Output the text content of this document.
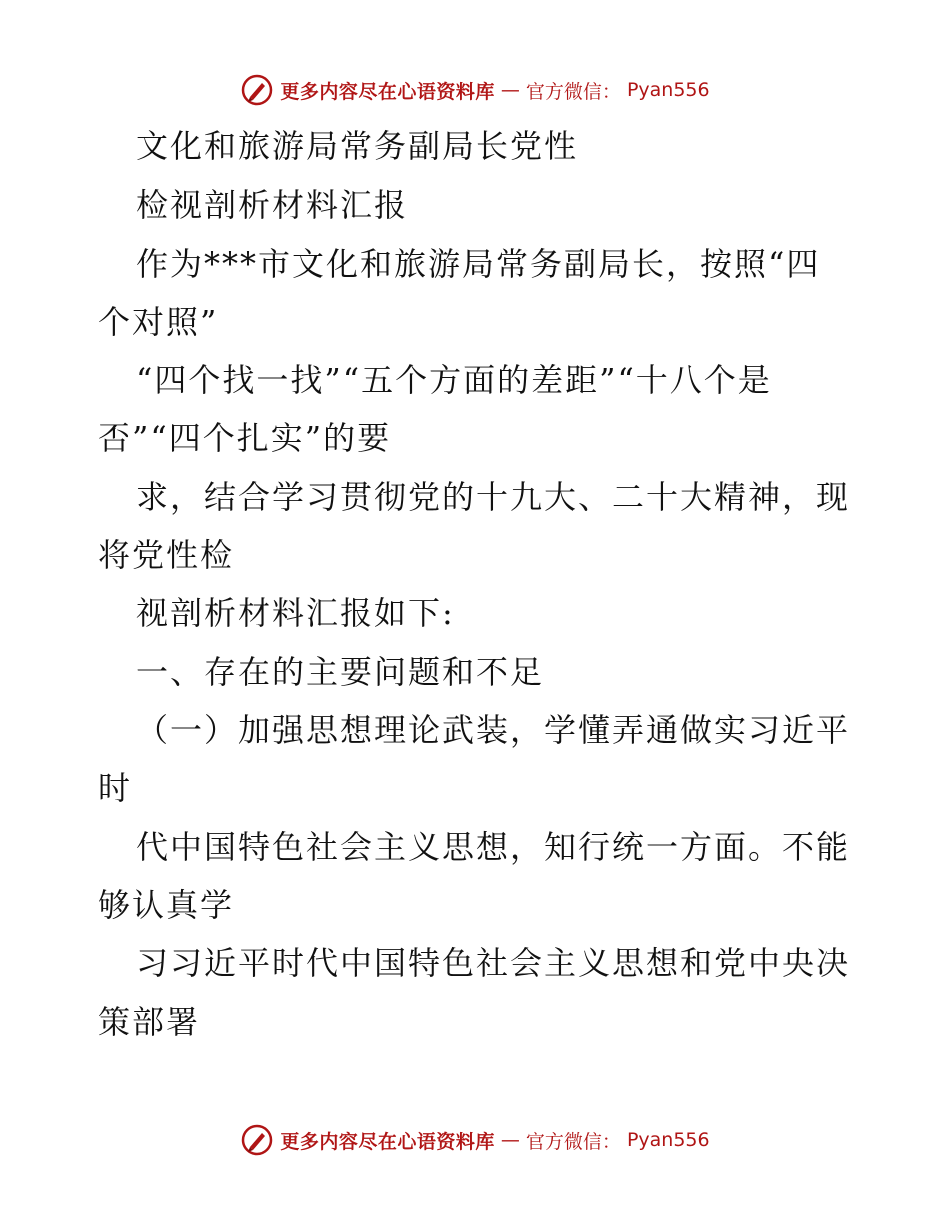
更多内容尽在心语资料库 — 官方微信： Pyan556
文化和旅游局常务副局长党性
检视剖析材料汇报
作为***市文化和旅游局常务副局长，按照“四
个对照”
“四个找一找”“五个方面的差距”“十八个是
否”“四个扎实”的要
求，结合学习贯彻党的十九大、二十大精神，现
将党性检
视剖析材料汇报如下:
一、存在的主要问题和不足
（一）加强思想理论武装，学懂弄通做实习近平
时
代中国特色社会主义思想，知行统一方面。不能
够认真学
习习近平时代中国特色社会主义思想和党中央决
策部署
更多内容尽在心语资料库 — 官方微信： Pyan556
